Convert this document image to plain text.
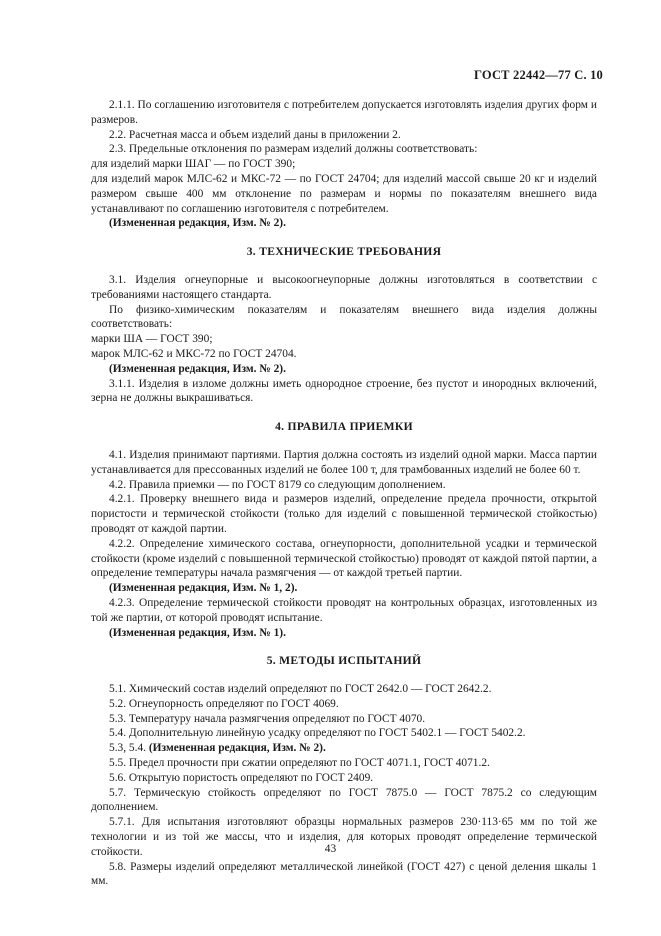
ГОСТ 22442—77 С. 10

2.1.1. По соглашению изготовителя с потребителем допускается изготовлять изделия других форм и размеров.

2.2. Расчетная масса и объем изделий даны в приложении 2.

2.3. Предельные отклонения по размерам изделий должны соответствовать:

для изделий марки ШАГ — по ГОСТ 390;

для изделий марок МЛС-62 и МКС-72 — по ГОСТ 24704; для изделий массой свыше 20 кг и изделий размером свыше 400 мм отклонение по размерам и нормы по показателям внешнего вида устанавливают по соглашению изготовителя с потребителем.

(Измененная редакция, Изм. № 2).

3. ТЕХНИЧЕСКИЕ ТРЕБОВАНИЯ

3.1. Изделия огнеупорные и высокоогнеупорные должны изготовляться в соответствии с требованиями настоящего стандарта.

По физико-химическим показателям и показателям внешнего вида изделия должны соответствовать:

марки ША — ГОСТ 390;

марок МЛС-62 и МКС-72 по ГОСТ 24704.

(Измененная редакция, Изм. № 2).

3.1.1. Изделия в изломе должны иметь однородное строение, без пустот и инородных включений, зерна не должны выкрашиваться.

4. ПРАВИЛА ПРИЕМКИ

4.1. Изделия принимают партиями. Партия должна состоять из изделий одной марки. Масса партии устанавливается для прессованных изделий не более 100 т, для трамбованных изделий не более 60 т.

4.2. Правила приемки — по ГОСТ 8179 со следующим дополнением.

4.2.1. Проверку внешнего вида и размеров изделий, определение предела прочности, открытой пористости и термической стойкости (только для изделий с повышенной термической стойкостью) проводят от каждой партии.

4.2.2. Определение химического состава, огнеупорности, дополнительной усадки и термической стойкости (кроме изделий с повышенной термической стойкостью) проводят от каждой пятой партии, а определение температуры начала размягчения — от каждой третьей партии.

(Измененная редакция, Изм. № 1, 2).

4.2.3. Определение термической стойкости проводят на контрольных образцах, изготовленных из той же партии, от которой проводят испытание.

(Измененная редакция, Изм. № 1).

5. МЕТОДЫ ИСПЫТАНИЙ

5.1. Химический состав изделий определяют по ГОСТ 2642.0 — ГОСТ 2642.2.

5.2. Огнеупорность определяют по ГОСТ 4069.

5.3. Температуру начала размягчения определяют по ГОСТ 4070.

5.4. Дополнительную линейную усадку определяют по ГОСТ 5402.1 — ГОСТ 5402.2.

5.3, 5.4. (Измененная редакция, Изм. № 2).

5.5. Предел прочности при сжатии определяют по ГОСТ 4071.1, ГОСТ 4071.2.

5.6. Открытую пористость определяют по ГОСТ 2409.

5.7. Термическую стойкость определяют по ГОСТ 7875.0 — ГОСТ 7875.2 со следующим дополнением.

5.7.1. Для испытания изготовляют образцы нормальных размеров 230·113·65 мм по той же технологии и из той же массы, что и изделия, для которых проводят определение термической стойкости.

5.8. Размеры изделий определяют металлической линейкой (ГОСТ 427) с ценой деления шкалы 1 мм.

43
